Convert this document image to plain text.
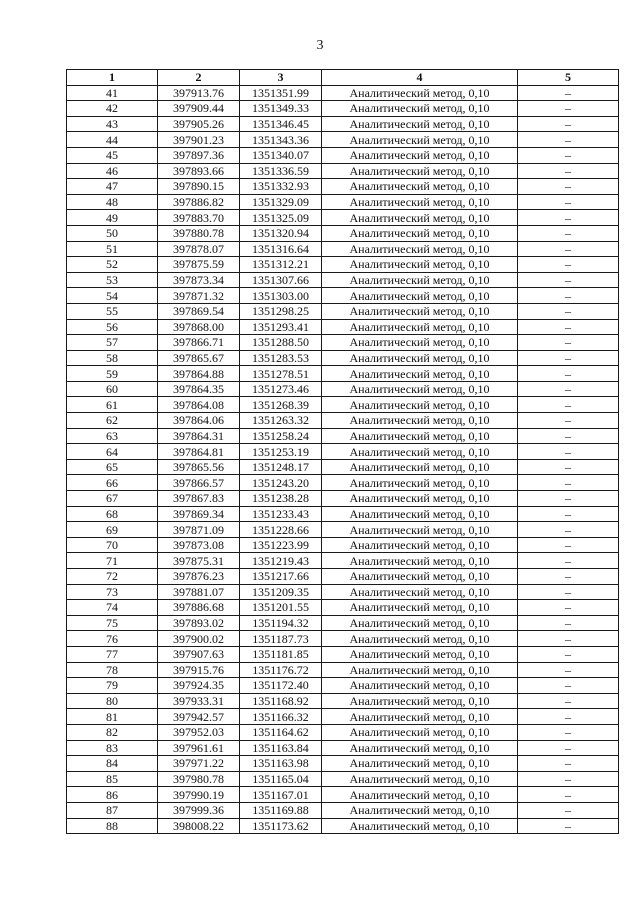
3
1	2	3	4	5
41	397913.76	1351351.99	Аналитический метод, 0,10	–
42	397909.44	1351349.33	Аналитический метод, 0,10	–
43	397905.26	1351346.45	Аналитический метод, 0,10	–
44	397901.23	1351343.36	Аналитический метод, 0,10	–
45	397897.36	1351340.07	Аналитический метод, 0,10	–
46	397893.66	1351336.59	Аналитический метод, 0,10	–
47	397890.15	1351332.93	Аналитический метод, 0,10	–
48	397886.82	1351329.09	Аналитический метод, 0,10	–
49	397883.70	1351325.09	Аналитический метод, 0,10	–
50	397880.78	1351320.94	Аналитический метод, 0,10	–
51	397878.07	1351316.64	Аналитический метод, 0,10	–
52	397875.59	1351312.21	Аналитический метод, 0,10	–
53	397873.34	1351307.66	Аналитический метод, 0,10	–
54	397871.32	1351303.00	Аналитический метод, 0,10	–
55	397869.54	1351298.25	Аналитический метод, 0,10	–
56	397868.00	1351293.41	Аналитический метод, 0,10	–
57	397866.71	1351288.50	Аналитический метод, 0,10	–
58	397865.67	1351283.53	Аналитический метод, 0,10	–
59	397864.88	1351278.51	Аналитический метод, 0,10	–
60	397864.35	1351273.46	Аналитический метод, 0,10	–
61	397864.08	1351268.39	Аналитический метод, 0,10	–
62	397864.06	1351263.32	Аналитический метод, 0,10	–
63	397864.31	1351258.24	Аналитический метод, 0,10	–
64	397864.81	1351253.19	Аналитический метод, 0,10	–
65	397865.56	1351248.17	Аналитический метод, 0,10	–
66	397866.57	1351243.20	Аналитический метод, 0,10	–
67	397867.83	1351238.28	Аналитический метод, 0,10	–
68	397869.34	1351233.43	Аналитический метод, 0,10	–
69	397871.09	1351228.66	Аналитический метод, 0,10	–
70	397873.08	1351223.99	Аналитический метод, 0,10	–
71	397875.31	1351219.43	Аналитический метод, 0,10	–
72	397876.23	1351217.66	Аналитический метод, 0,10	–
73	397881.07	1351209.35	Аналитический метод, 0,10	–
74	397886.68	1351201.55	Аналитический метод, 0,10	–
75	397893.02	1351194.32	Аналитический метод, 0,10	–
76	397900.02	1351187.73	Аналитический метод, 0,10	–
77	397907.63	1351181.85	Аналитический метод, 0,10	–
78	397915.76	1351176.72	Аналитический метод, 0,10	–
79	397924.35	1351172.40	Аналитический метод, 0,10	–
80	397933.31	1351168.92	Аналитический метод, 0,10	–
81	397942.57	1351166.32	Аналитический метод, 0,10	–
82	397952.03	1351164.62	Аналитический метод, 0,10	–
83	397961.61	1351163.84	Аналитический метод, 0,10	–
84	397971.22	1351163.98	Аналитический метод, 0,10	–
85	397980.78	1351165.04	Аналитический метод, 0,10	–
86	397990.19	1351167.01	Аналитический метод, 0,10	–
87	397999.36	1351169.88	Аналитический метод, 0,10	–
88	398008.22	1351173.62	Аналитический метод, 0,10	–
